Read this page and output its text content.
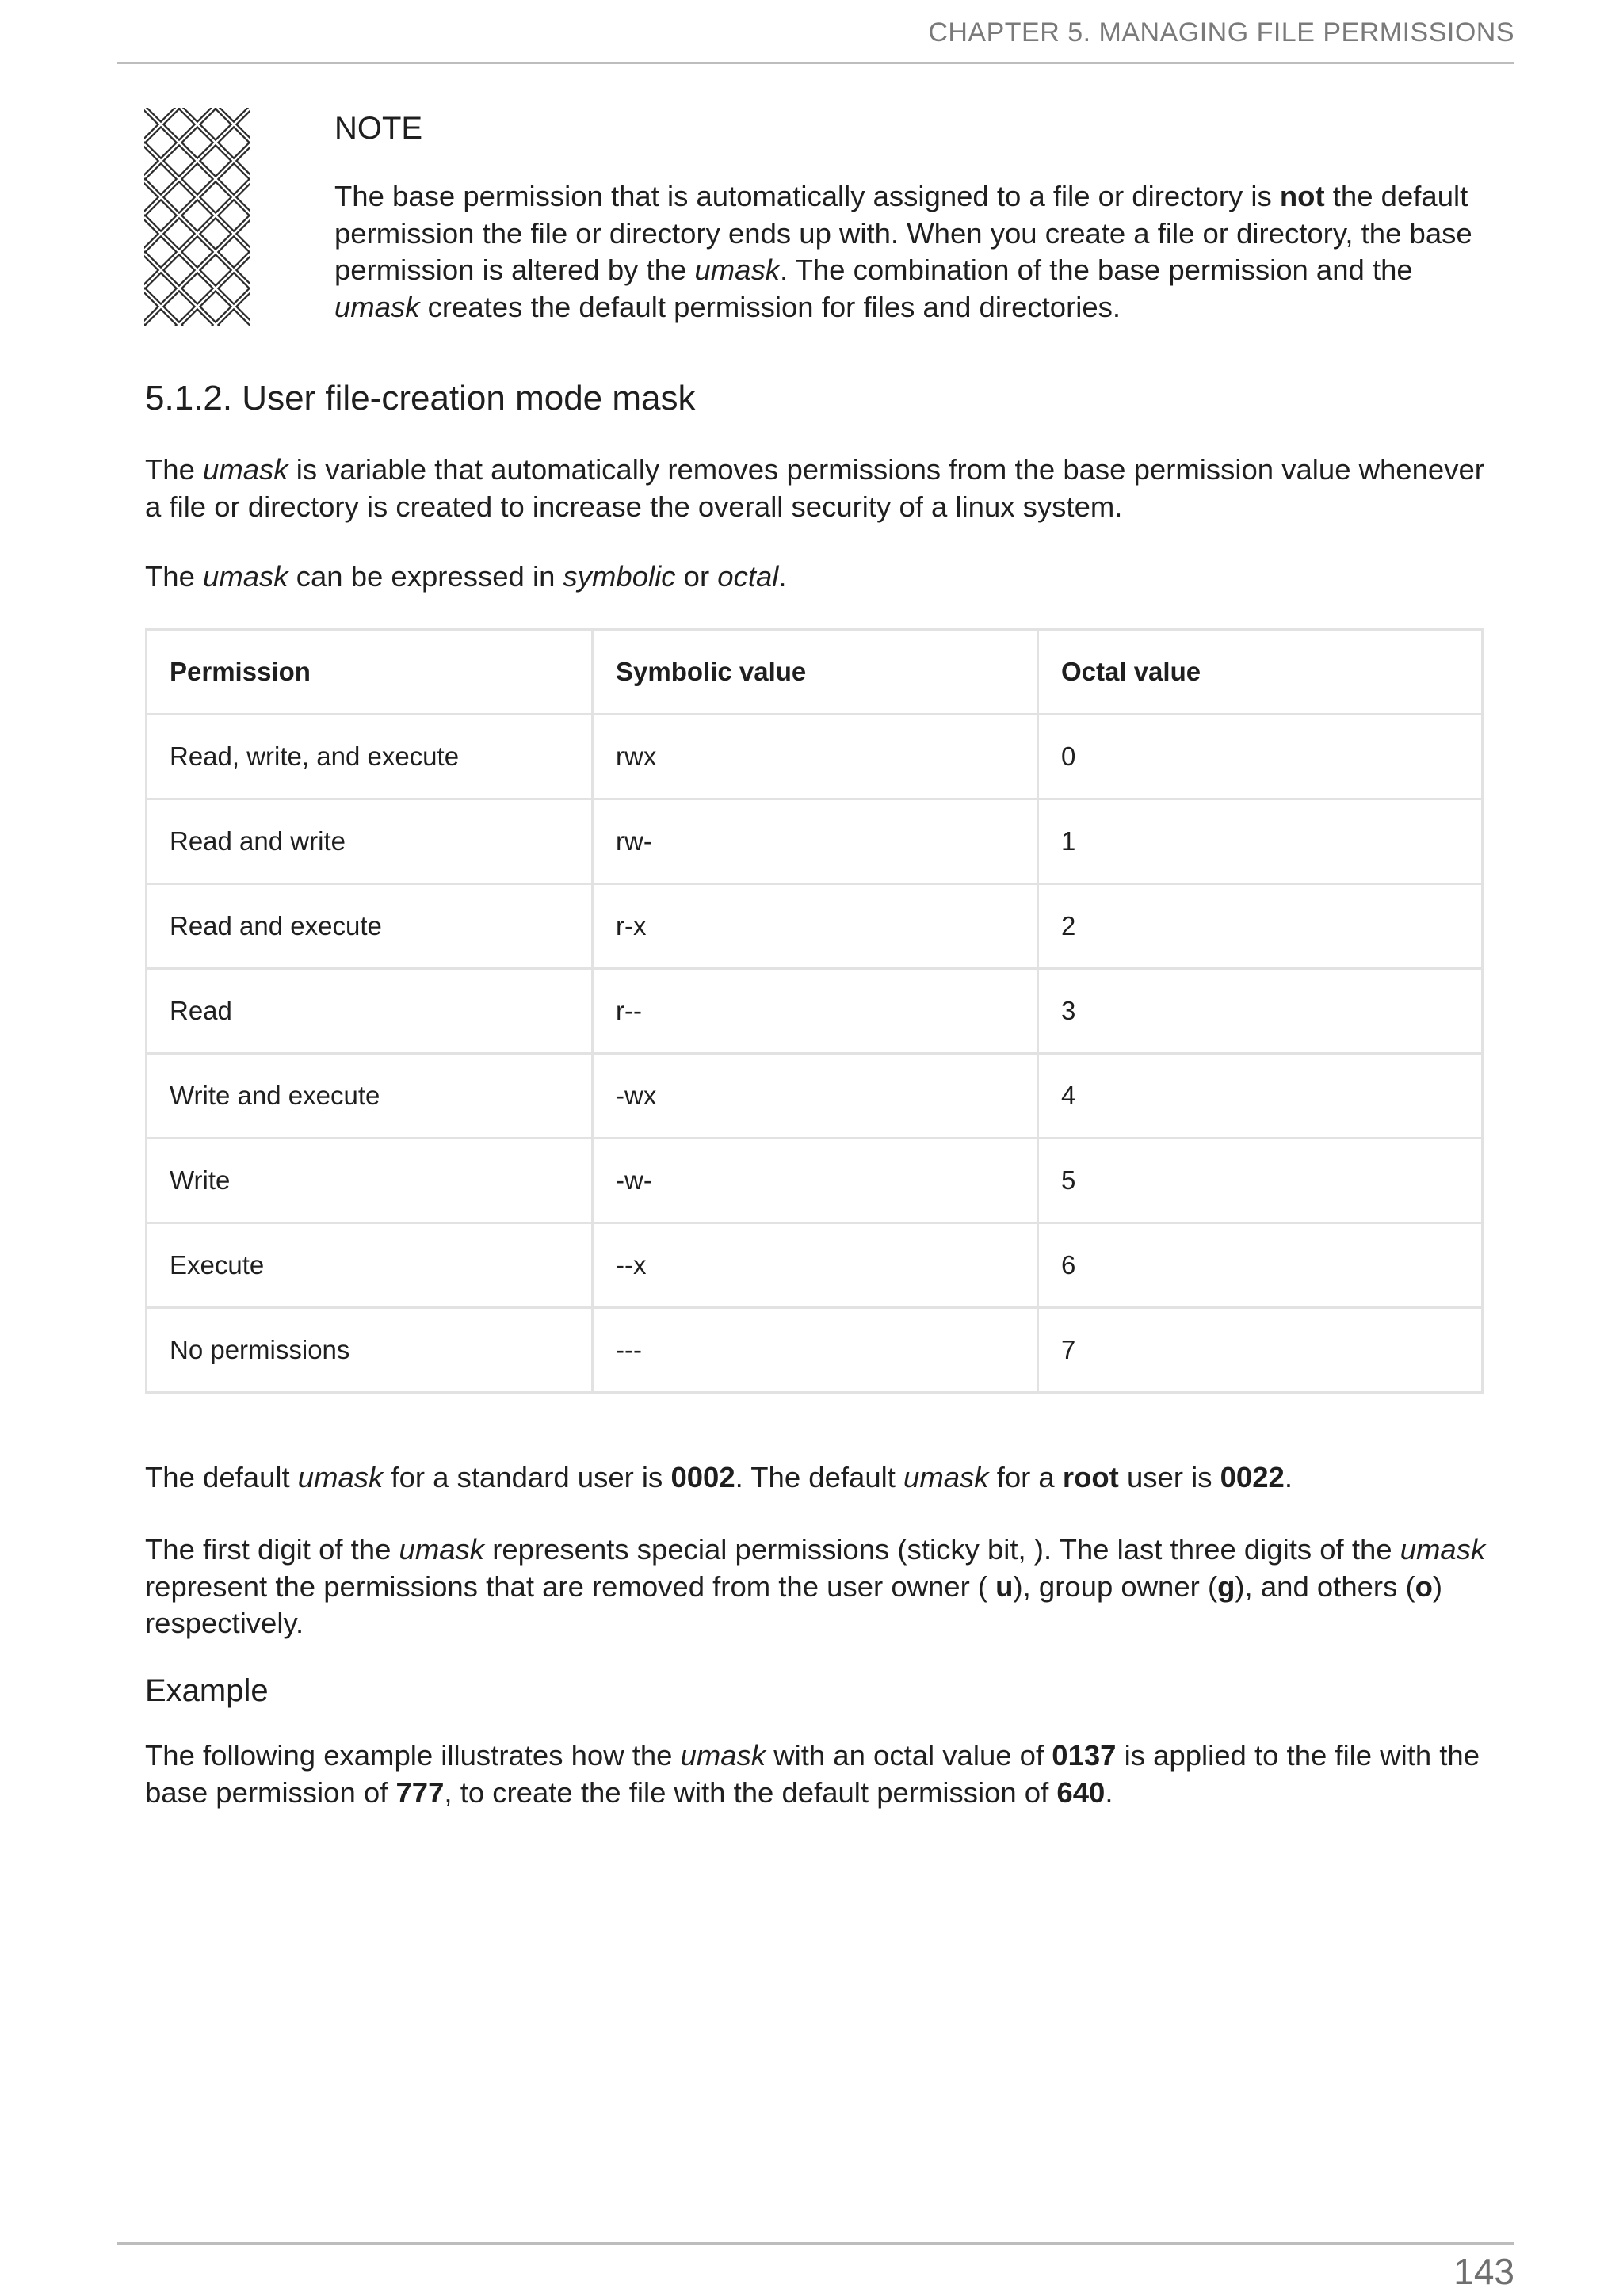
CHAPTER 5. MANAGING FILE PERMISSIONS
NOTE
The base permission that is automatically assigned to a file or directory is not the default permission the file or directory ends up with. When you create a file or directory, the base permission is altered by the umask. The combination of the base permission and the umask creates the default permission for files and directories.
5.1.2. User file-creation mode mask
The umask is variable that automatically removes permissions from the base permission value whenever a file or directory is created to increase the overall security of a linux system.
The umask can be expressed in symbolic or octal.
Permission	Symbolic value	Octal value
Read, write, and execute	rwx	0
Read and write	rw-	1
Read and execute	r-x	2
Read	r--	3
Write and execute	-wx	4
Write	-w-	5
Execute	--x	6
No permissions	---	7
The default umask for a standard user is 0002. The default umask for a root user is 0022.
The first digit of the umask represents special permissions (sticky bit, ). The last three digits of the umask represent the permissions that are removed from the user owner ( u), group owner (g), and others (o) respectively.
Example
The following example illustrates how the umask with an octal value of 0137 is applied to the file with the base permission of 777, to create the file with the default permission of 640.
143
